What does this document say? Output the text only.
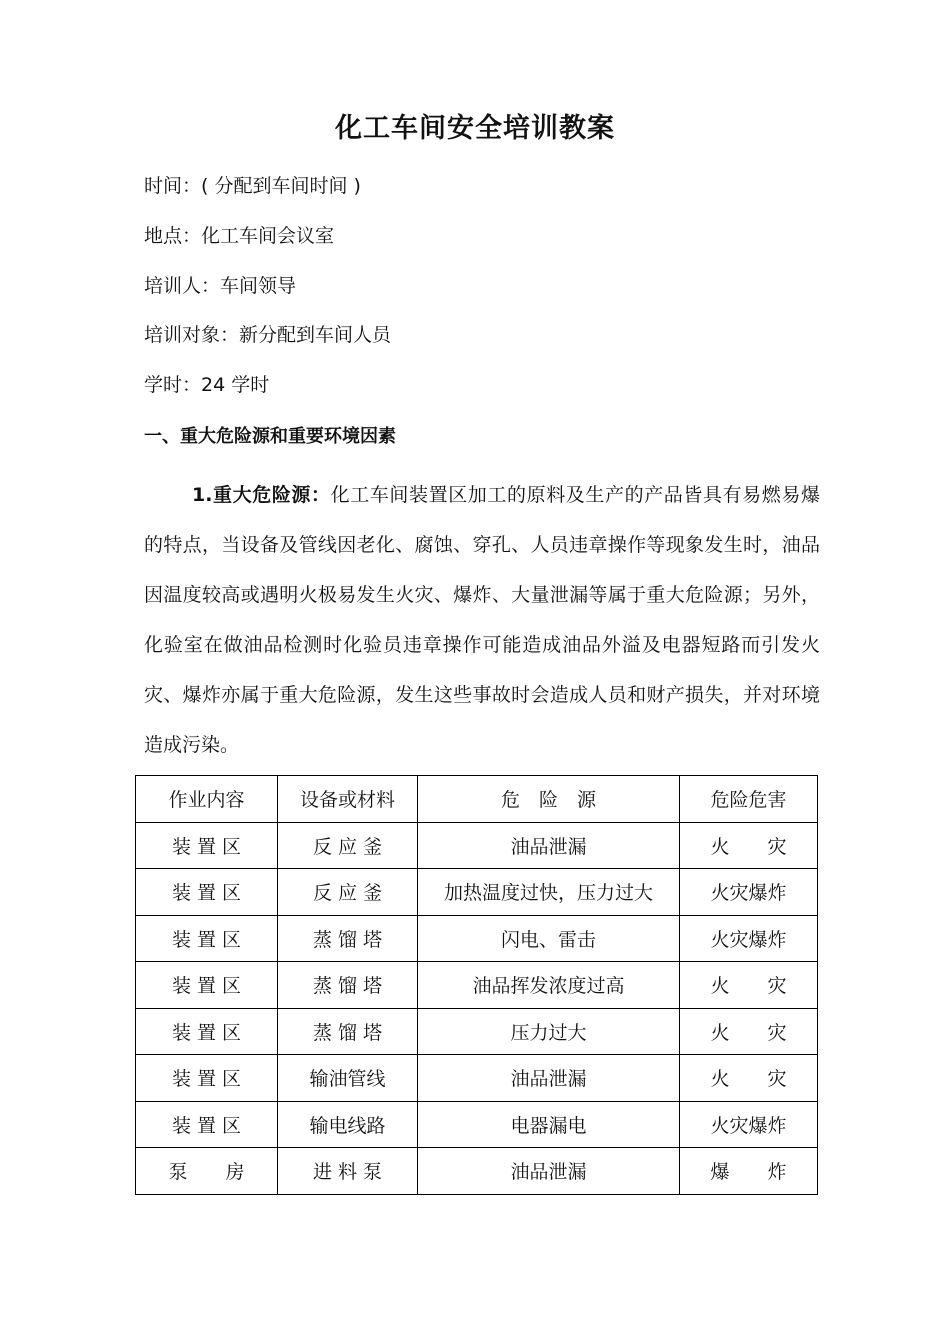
化工车间安全培训教案
时间：( 分配到车间时间 )
地点：化工车间会议室
培训人：车间领导
培训对象：新分配到车间人员
学时：24 学时
一、重大危险源和重要环境因素
1.重大危险源：化工车间装置区加工的原料及生产的产品皆具有易燃易爆的特点，当设备及管线因老化、腐蚀、穿孔、人员违章操作等现象发生时，油品因温度较高或遇明火极易发生火灾、爆炸、大量泄漏等属于重大危险源；另外，化验室在做油品检测时化验员违章操作可能造成油品外溢及电器短路而引发火灾、爆炸亦属于重大危险源，发生这些事故时会造成人员和财产损失，并对环境造成污染。
作业内容	设备或材料	危　险　源	危险危害
装 置 区	反 应 釜	油品泄漏	火　　灾
装 置 区	反 应 釜	加热温度过快，压力过大	火灾爆炸
装 置 区	蒸 馏 塔	闪电、雷击	火灾爆炸
装 置 区	蒸 馏 塔	油品挥发浓度过高	火　　灾
装 置 区	蒸 馏 塔	压力过大	火　　灾
装 置 区	输油管线	油品泄漏	火　　灾
装 置 区	输电线路	电器漏电	火灾爆炸
泵　　房	进 料 泵	油品泄漏	爆　　炸
